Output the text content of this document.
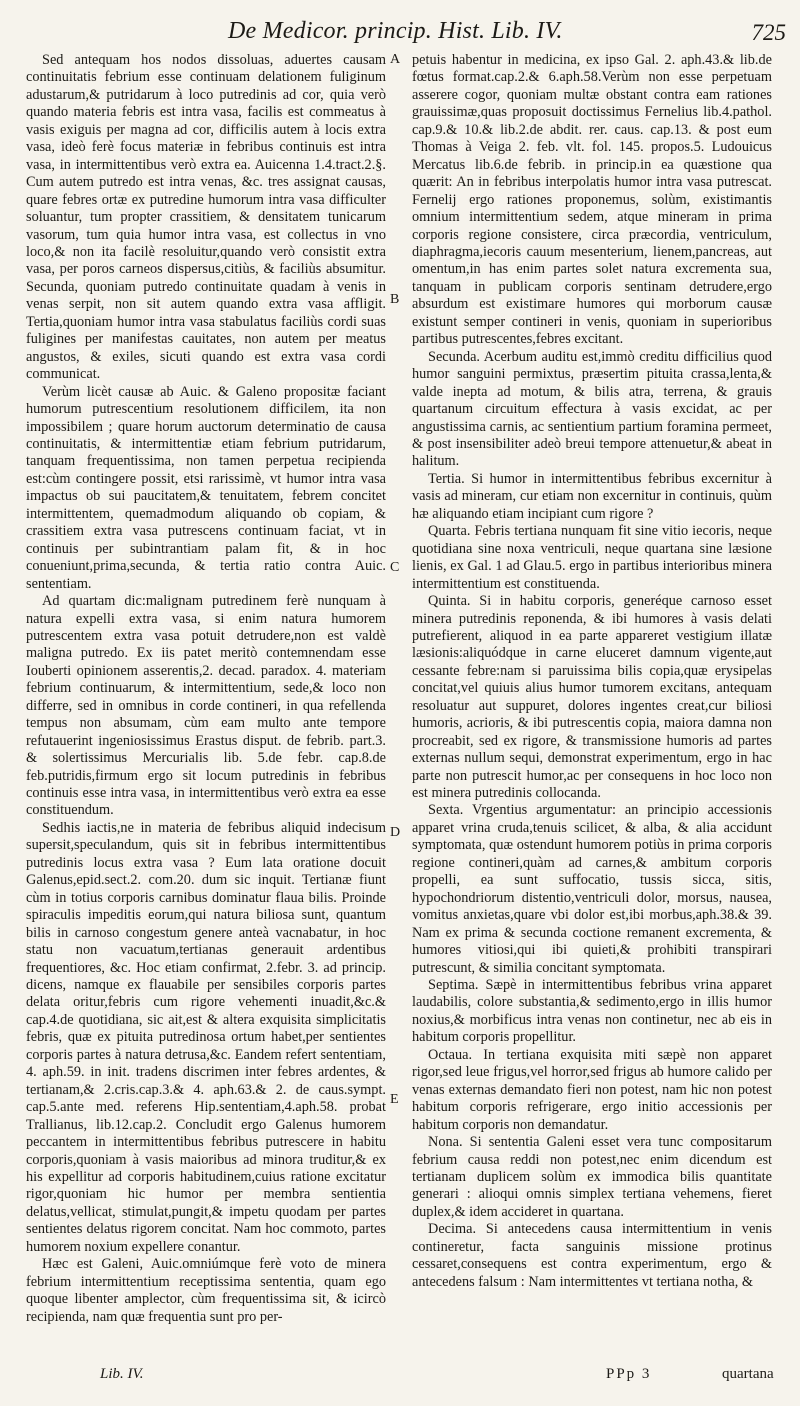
De Medicor. princip. Hist. Lib. IV.	725

Sed antequam hos nodos dissoluas, aduertes causam continuitatis febrium esse continuam delationem fuliginum adustarum,& putridarum à loco putredinis ad cor, quia verò quando materia febris est intra vasa, facilis est commeatus à vasis exiguis per magna ad cor, difficilis autem à locis extra vasa, ideò ferè focus materiæ in febribus continuis est intra vasa, in intermittentibus verò extra ea. Auicenna 1.4.tract.2.§. Cum autem putredo est intra venas, &c. tres assignat causas, quare febres ortæ ex putredine humorum intra vasa difficulter soluantur, tum propter crassitiem, & densitatem tunicarum vasorum, tum quia humor intra vasa, est collectus in vno loco,& non ita facilè resoluitur,quando verò consistit extra vasa, per poros carneos dispersus,citiùs, & faciliùs absumitur. Secunda, quoniam putredo continuitate quadam à venis in venas serpit, non sit autem quando extra vasa affligit. Tertia,quoniam humor intra vasa stabulatus faciliùs cordi suas fuligines per manifestas cauitates, non autem per meatus angustos, & exiles, sicuti quando est extra vasa cordi communicat.

Verùm licèt causæ ab Auic. & Galeno propositæ faciant humorum putrescentium resolutionem difficilem, ita non impossibilem ; quare horum auctorum determinatio de causa continuitatis, & intermittentiæ etiam febrium putridarum, tanquam frequentissima, non tamen perpetua recipienda est:cùm contingere possit, etsi rarissimè, vt humor intra vasa impactus ob sui paucitatem,& tenuitatem, febrem concitet intermittentem, quemadmodum aliquando ob copiam, & crassitiem extra vasa putrescens continuam faciat, vt in continuis per subintrantiam palam fit, & in hoc conueniunt,prima,secunda, & tertia ratio contra Auic. sententiam.

Ad quartam dic:malignam putredinem ferè nunquam à natura expelli extra vasa, si enim natura humorem putrescentem extra vasa potuit detrudere,non est valdè maligna putredo. Ex iis patet meritò contemnendam esse Iouberti opinionem asserentis,2. decad. paradox. 4. materiam febrium continuarum, & intermittentium, sede,& loco non differre, sed in omnibus in corde contineri, in qua refellenda tempus non absumam, cùm eam multo ante tempore refutauerint ingeniosissimus Erastus disput. de febrib. part.3. & solertissimus Mercurialis lib. 5.de febr. cap.8.de feb.putridis,firmum ergo sit locum putredinis in febribus continuis esse intra vasa, in intermittentibus verò extra ea esse constituendum.

Sedhis iactis,ne in materia de febribus aliquid indecisum supersit,speculandum, quis sit in febribus intermittentibus putredinis locus extra vasa ? Eum lata oratione docuit Galenus,epid.sect.2. com.20. dum sic inquit. Tertianæ fiunt cùm in totius corporis carnibus dominatur flaua bilis. Proinde spiraculis impeditis eorum,qui natura biliosa sunt, quantum bilis in carnoso congestum genere anteà vacnabatur, in hoc statu non vacuatum,tertianas generauit ardentibus frequentiores, &c. Hoc etiam confirmat, 2.febr. 3. ad princip. dicens, namque ex flauabile per sensibiles corporis partes delata oritur,febris cum rigore vehementi inuadit,&c.& cap.4.de quotidiana, sic ait,est & altera exquisita simplicitatis febris, quæ ex pituita putredinosa ortum habet,per sentientes corporis partes à natura detrusa,&c. Eandem refert sententiam, 4. aph.59. in init. tradens discrimen inter febres ardentes, & tertianam,& 2.cris.cap.3.& 4. aph.63.& 2. de caus.sympt. cap.5.ante med. referens Hip.sententiam,4.aph.58. probat Trallianus, lib.12.cap.2. Concludit ergo Galenus humorem peccantem in intermittentibus febribus putrescere in habitu corporis,quoniam à vasis maioribus ad minora truditur,& ex his expellitur ad corporis habitudinem,cuius ratione excitatur rigor,quoniam hic humor per membra sentientia delatus,vellicat, stimulat,pungit,& impetu quodam per partes sentientes delatus rigorem concitat. Nam hoc commoto, partes humorem noxium expellere conantur.

Hæc est Galeni, Auic.omniúmque ferè voto de minera febrium intermittentium receptissima sententia, quam ego quoque libenter amplector, cùm frequentissima sit, & icircò recipienda, nam quæ frequentia sunt pro per-

A
B
C
D
E

petuis habentur in medicina, ex ipso Gal. 2. aph.43.& lib.de fœtus format.cap.2.& 6.aph.58.Verùm non esse perpetuam asserere cogor, quoniam multæ obstant contra eam rationes grauissimæ,quas proposuit doctissimus Fernelius lib.4.pathol. cap.9.& 10.& lib.2.de abdit. rer. caus. cap.13. & post eum Thomas à Veiga 2. feb. vlt. fol. 145. propos.5. Ludouicus Mercatus lib.6.de febrib. in princip.in ea quæstione qua quærit: An in febribus interpolatis humor intra vasa putrescat. Fernelij ergo rationes proponemus, solùm, existimantis omnium intermittentium sedem, atque mineram in prima corporis regione consistere, circa præcordia, ventriculum, diaphragma,iecoris cauum mesenterium, lienem,pancreas, aut omentum,in has enim partes solet natura excrementa sua, tanquam in publicam corporis sentinam detrudere,ergo absurdum est existimare humores qui morborum causæ existunt semper contineri in venis, quoniam in superioribus partibus putrescentes,febres excitant.

Secunda. Acerbum auditu est,immò creditu difficilius quod humor sanguini permixtus, præsertim pituita crassa,lenta,& valde inepta ad motum, & bilis atra, terrena, & grauis quartanum circuitum effectura à vasis excidat, ac per angustissima carnis, ac sentientium partium foramina permeet, & post insensibiliter adeò breui tempore attenuetur,& abeat in halitum.

Tertia. Si humor in intermittentibus febribus excernitur à vasis ad mineram, cur etiam non excernitur in continuis, quùm hæ aliquando etiam incipiant cum rigore ?

Quarta. Febris tertiana nunquam fit sine vitio iecoris, neque quotidiana sine noxa ventriculi, neque quartana sine læsione lienis, ex Gal. 1 ad Glau.5. ergo in partibus interioribus minera intermittentium est constituenda.

Quinta. Si in habitu corporis, generéque carnoso esset minera putredinis reponenda, & ibi humores à vasis delati putrefierent, aliquod in ea parte appareret vestigium illatæ læsionis:aliquódque in carne eluceret damnum vigente,aut cessante febre:nam si paruissima bilis copia,quæ erysipelas concitat,vel quiuis alius humor tumorem excitans, antequam resoluatur aut suppuret, dolores ingentes creat,cur biliosi humoris, acrioris, & ibi putrescentis copia, maiora damna non procreabit, sed ex rigore, & transmissione humoris ad partes externas nullum sequi, demonstrat experimentum, ergo in hac parte non putrescit humor,ac per consequens in hoc loco non est minera putredinis collocanda.

Sexta. Vrgentius argumentatur: an principio accessionis apparet vrina cruda,tenuis scilicet, & alba, & alia accidunt symptomata, quæ ostendunt humorem potiùs in prima corporis regione contineri,quàm ad carnes,& ambitum corporis propelli, ea sunt suffocatio, tussis sicca, sitis, hypochondriorum distentio,ventriculi dolor, morsus, nausea, vomitus anxietas,quare vbi dolor est,ibi morbus,aph.38.& 39. Nam ex prima & secunda coctione remanent excrementa, & humores vitiosi,qui ibi quieti,& prohibiti transpirari putrescunt, & similia concitant symptomata.

Septima. Sæpè in intermittentibus febribus vrina apparet laudabilis, colore substantia,& sedimento,ergo in illis humor noxius,& morbificus intra venas non continetur, nec ab eis in habitum corporis propellitur.

Octaua. In tertiana exquisita miti sæpè non apparet rigor,sed leue frigus,vel horror,sed frigus ab humore calido per venas externas demandato fieri non potest, nam hic non potest habitum corporis refrigerare, ergo initio accessionis per habitum corporis non demandatur.

Nona. Si sententia Galeni esset vera tunc compositarum febrium causa reddi non potest,nec enim dicendum est tertianam duplicem solùm ex immodica bilis quantitate generari : alioqui omnis simplex tertiana vehemens, fieret duplex,& idem accideret in quartana.

Decima. Si antecedens causa intermittentium in venis contineretur, facta sanguinis missione protinus cessaret,consequens est contra experimentum, ergo & antecedens falsum : Nam intermittentes vt tertiana notha, &

Lib. IV.	PPp 3	quartana
